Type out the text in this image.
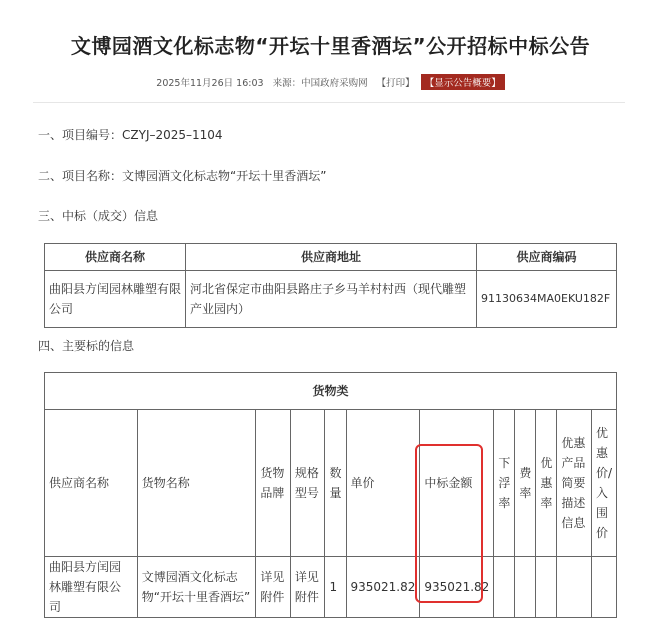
文博园酒文化标志物“开坛十里香酒坛”公开招标中标公告
2025年11月26日 16:03 来源：中国政府采购网 【打印】 【显示公告概要】
一、项目编号：CZYJ–2025–1104
二、项目名称：文博园酒文化标志物“开坛十里香酒坛”
三、中标（成交）信息
供应商名称	供应商地址	供应商编码
曲阳县方闰园林雕塑有限公司	河北省保定市曲阳县路庄子乡马羊村村西（现代雕塑产业园内）	91130634MA0EKU182F
四、主要标的信息
货物类											
供应商名称	货物名称	货物品牌	规格型号	数量	单价	中标金额	下浮率	费率	优惠率	优惠产品简要描述信息	优惠价/入围价
曲阳县方闰园林雕塑有限公司	文博园酒文化标志物“开坛十里香酒坛”	详见附件	详见附件	1	935021.82	935021.82					
